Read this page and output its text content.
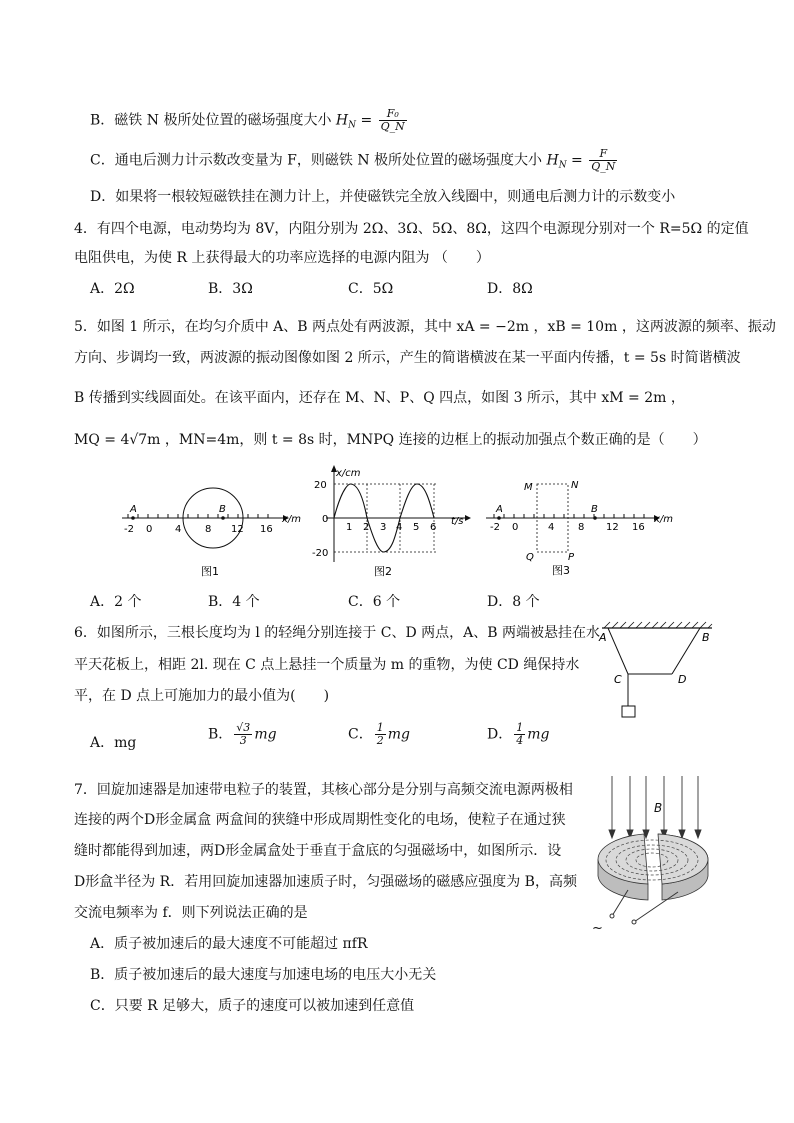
B．磁铁 N 极所处位置的磁场强度大小 $H_N = \frac{\text{F₀}}{Q\_N}$
C．通电后测力计示数改变量为 F，则磁铁 N 极所处位置的磁场强度大小 $H_N = \frac{F}{Q\_N}$
D．如果将一根较短磁铁挂在测力计上，并使磁铁完全放入线圈中，则通电后测力计的示数变小
4．有四个电源，电动势均为 8V，内阻分别为 2Ω、3Ω、5Ω、8Ω，这四个电源现分别对一个 R=5Ω 的定值
电阻供电，为使 R 上获得最大的功率应选择的电源内阻为 （　　）
A．2Ω	B．3Ω	C．5Ω	D．8Ω
5．如图 1 所示，在均匀介质中 A、B 两点处有两波源，其中 xA = −2m ，xB = 10m ，这两波源的频率、振动
方向、步调均一致，两波源的振动图像如图 2 所示，产生的简谐横波在某一平面内传播，t = 5s 时简谐横波
B 传播到实线圆面处。在该平面内，还存在 M、N、P、Q 四点，如图 3 所示，其中 xM = 2m ，
MQ = 4√7m ，MN=4m，则 t = 8s 时，MNPQ 连接的边框上的振动加强点个数正确的是（　　）
A	B
x/m
-2 0 4 8 12 16
图1
x/cm
t/s
20
0
-20
1 2 3 4 5 6
图2
A	B
M	N
Q	P
x/m
-2 0	4 8 12 16
图3
A．2 个	B．4 个	C．6 个	D．8 个
6．如图所示，三根长度均为 l 的轻绳分别连接于 C、D 两点，A、B 两端被悬挂在水
平天花板上，相距 2l. 现在 C 点上悬挂一个质量为 m 的重物，为使 CD 绳保持水
平，在 D 点上可施加力的最小值为(　　)
A	B
C	D
A．mg
B． $\frac{√3}{3}$ mg	C． $\frac{1}{2}$ mg	D． $\frac{1}{4}$ mg
7．回旋加速器是加速带电粒子的装置，其核心部分是分别与高频交流电源两极相
连接的两个D形金属盒 两盒间的狭缝中形成周期性变化的电场，使粒子在通过狭
缝时都能得到加速，两D形金属盒处于垂直于盒底的匀强磁场中，如图所示．设
D形盒半径为 R．若用回旋加速器加速质子时，匀强磁场的磁感应强度为 B，高频
交流电频率为 f．则下列说法正确的是
A．质子被加速后的最大速度不可能超过 πfR
B．质子被加速后的最大速度与加速电场的电压大小无关
C．只要 R 足够大，质子的速度可以被加速到任意值
B
~
